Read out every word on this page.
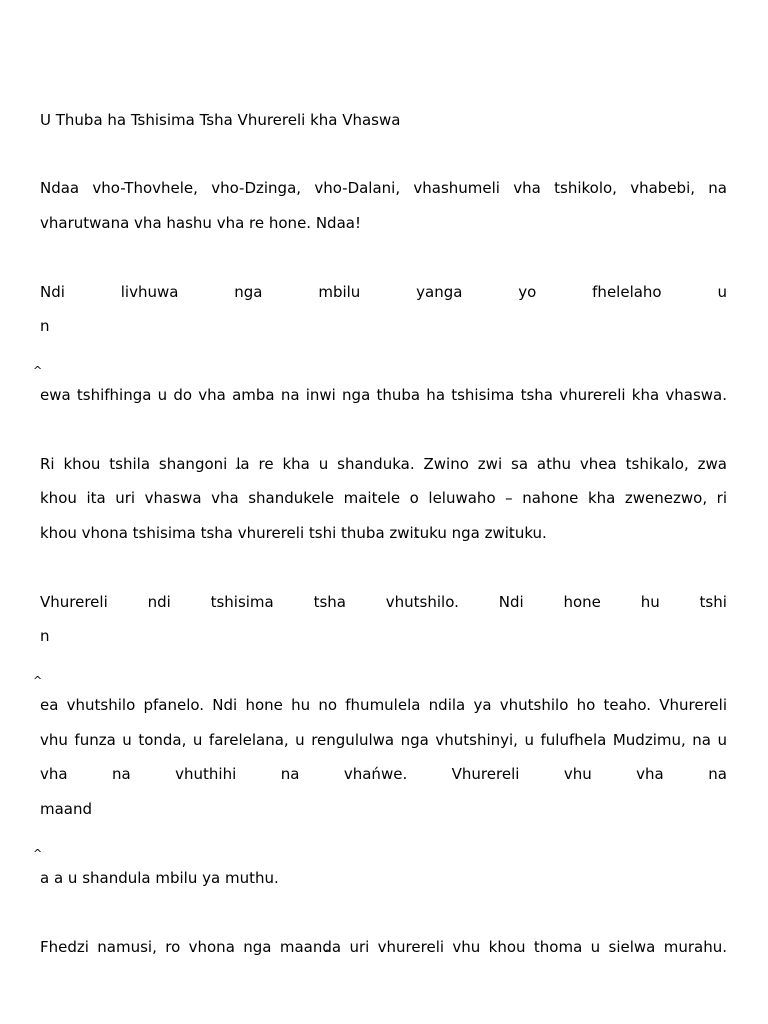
U Thuba ha Tshisima Tsha Vhurereli kha Vhaswa
Ndaa vho-Thovhele, vho-Dzinga, vho-Dalani, vhashumeli vha tshikolo, vhabebi, na
vharutwana vha hashu vha re hone. Ndaa!
Ndi	livhuwa	nga	mbilu	yanga	yo	fhelelaho	u
n
^
ewa tshifhinga u do vha amba na inwi nga thuba ha tshisima tsha vhurereli kha vhaswa.
Ri khou tshila shangoni l ^a re kha u shanduka. Zwino zwi sa athu vhea tshikalo, zwa
khou ita uri vhaswa vha shandukele maitele o leluwaho – nahone kha zwenezwo, ri
khou vhona tshisima tsha vhurereli tshi thuba zwit ^uku nga zwit ^uku.
Vhurereli	ndi	tshisima	tsha	vhutshilo.	Ndi	hone	hu	tshi
n
^
ea vhutshilo pfanelo. Ndi hone hu no fhumulela ndila ya vhutshilo ho teaho. Vhurereli
vhu funza u tonda, u farelelana, u rengululwa nga vhutshinyi, u fulufhela Mudzimu, na u
vha	na	vhuthihi	na	vhańwe.	Vhurereli	vhu	vha	na
maand
^
a a u shandula mbilu ya muthu.
Fhedzi namusi, ro vhona nga maand ^a uri vhurereli vhu khou thoma u sielwa murahu.
